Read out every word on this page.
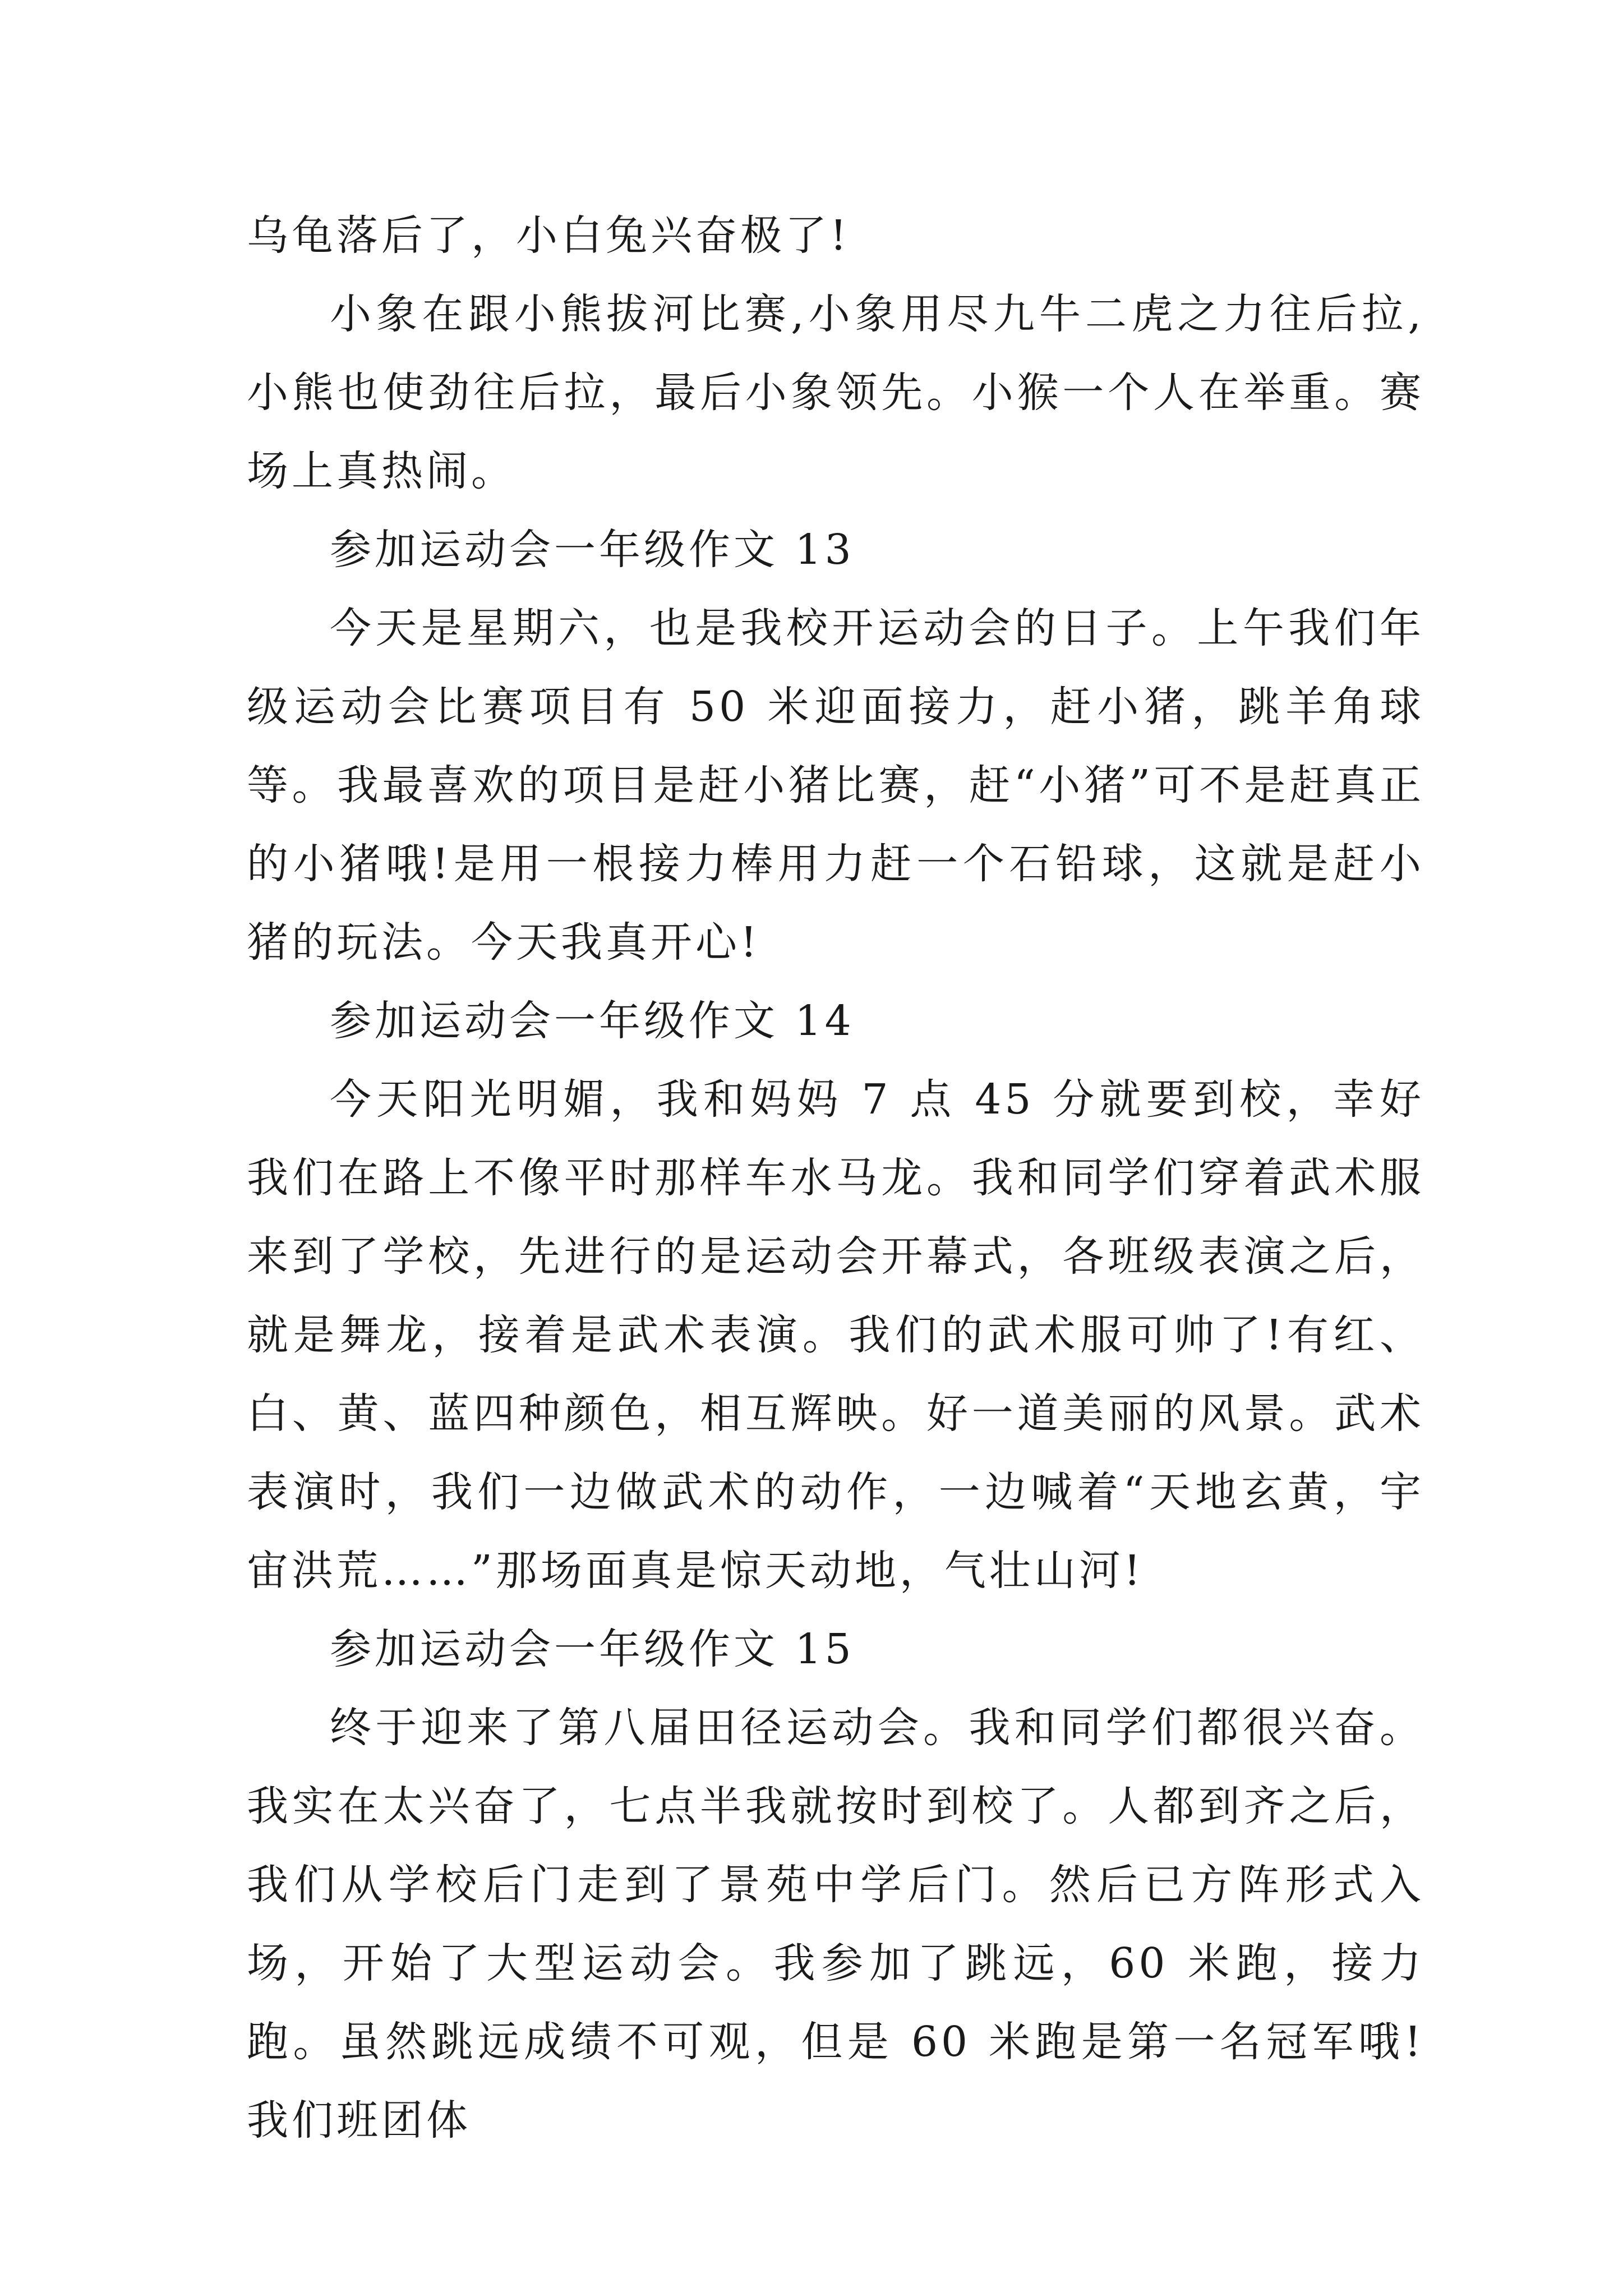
乌龟落后了，小白兔兴奋极了!

小象在跟小熊拔河比赛,小象用尽九牛二虎之力往后拉,小熊也使劲往后拉，最后小象领先。小猴一个人在举重。赛场上真热闹。

参加运动会一年级作文 13

今天是星期六，也是我校开运动会的日子。上午我们年级运动会比赛项目有 50 米迎面接力，赶小猪，跳羊角球等。我最喜欢的项目是赶小猪比赛，赶“小猪”可不是赶真正的小猪哦!是用一根接力棒用力赶一个石铅球，这就是赶小猪的玩法。今天我真开心!

参加运动会一年级作文 14

今天阳光明媚，我和妈妈 7 点 45 分就要到校，幸好我们在路上不像平时那样车水马龙。我和同学们穿着武术服来到了学校，先进行的是运动会开幕式，各班级表演之后，就是舞龙，接着是武术表演。我们的武术服可帅了!有红、白、黄、蓝四种颜色，相互辉映。好一道美丽的风景。武术表演时，我们一边做武术的动作，一边喊着“天地玄黄，宇宙洪荒……”那场面真是惊天动地，气壮山河!

参加运动会一年级作文 15

终于迎来了第八届田径运动会。我和同学们都很兴奋。我实在太兴奋了，七点半我就按时到校了。人都到齐之后，我们从学校后门走到了景苑中学后门。然后已方阵形式入场，开始了大型运动会。我参加了跳远，60 米跑，接力跑。虽然跳远成绩不可观，但是 60 米跑是第一名冠军哦!我们班团体
